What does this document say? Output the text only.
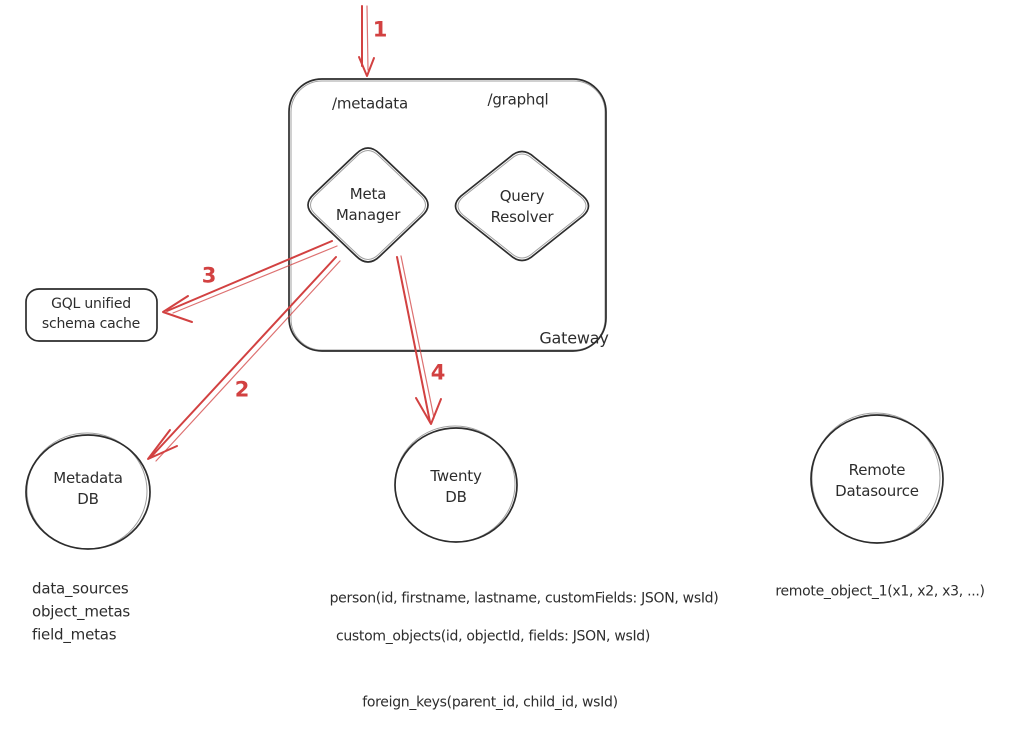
/metadata	/graphql
Meta
Manager
Query
Resolver
Gateway
GQL unified
schema cache
Metadata
DB
Twenty
DB
Remote
Datasource
data_sources
object_metas
field_metas
person(id, firstname, lastname, customFields: JSON, wsId)
custom_objects(id, objectId, fields: JSON, wsId)
foreign_keys(parent_id, child_id, wsId)
remote_object_1(x1, x2, x3, ...)
1
3
2
4
